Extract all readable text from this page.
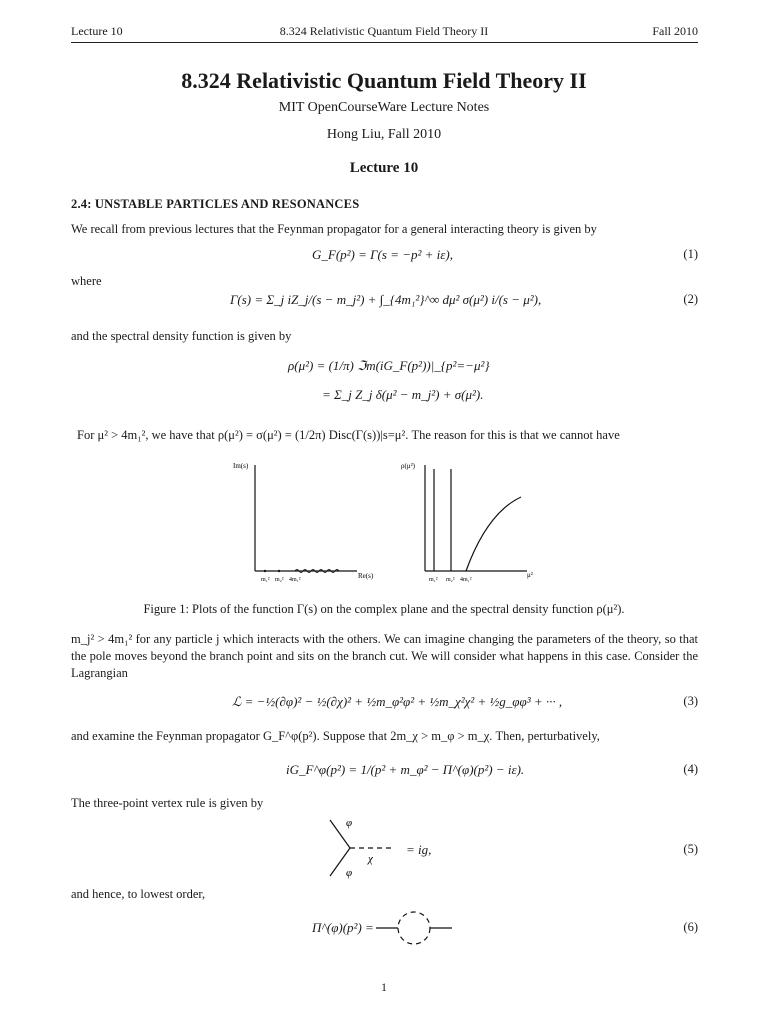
Lecture 10	8.324 Relativistic Quantum Field Theory II	Fall 2010
8.324 Relativistic Quantum Field Theory II
MIT OpenCourseWare Lecture Notes
Hong Liu, Fall 2010
Lecture 10
2.4: UNSTABLE PARTICLES AND RESONANCES
We recall from previous lectures that the Feynman propagator for a general interacting theory is given by
G_F(p²) = Γ(s = −p² + iε),	(1)
where
Γ(s) = Σ_j iZ_j/(s − m_j²) + ∫_{4m₁²}^∞ dμ² σ(μ²) i/(s − μ²),	(2)
and the spectral density function is given by
ρ(μ²) = (1/π) ℑm(iG_F(p²))|_{p²=−μ²}
= Σ_j Z_j δ(μ² − m_j²) + σ(μ²).
For μ² > 4m₁², we have that ρ(μ²) = σ(μ²) = (1/2π) Disc(Γ(s))|s=μ². The reason for this is that we cannot have
Im(s)
Re(s)
m₁² m₂² 4m₁²
ρ(μ²)
μ²
m₁² m₂² 4m₁²
Figure 1: Plots of the function Γ(s) on the complex plane and the spectral density function ρ(μ²).
m_j² > 4m₁² for any particle j which interacts with the others. We can imagine changing the parameters of the theory, so that the pole moves beyond the branch point and sits on the branch cut. We will consider what happens in this case. Consider the Lagrangian
ℒ = −½(∂φ)² − ½(∂χ)² + ½m_φ²φ² + ½m_χ²χ² + ½g_φφ³ + ··· ,	(3)
and examine the Feynman propagator G_F^φ(p²). Suppose that 2m_χ > m_φ > m_χ. Then, perturbatively,
iG_F^φ(p²) = 1/(p² + m_φ² − Π^(φ)(p²) − iε).	(4)
The three-point vertex rule is given by
φ
φ
χ
= ig,	(5)
and hence, to lowest order,
Π^(φ)(p²) =	(6)
1
